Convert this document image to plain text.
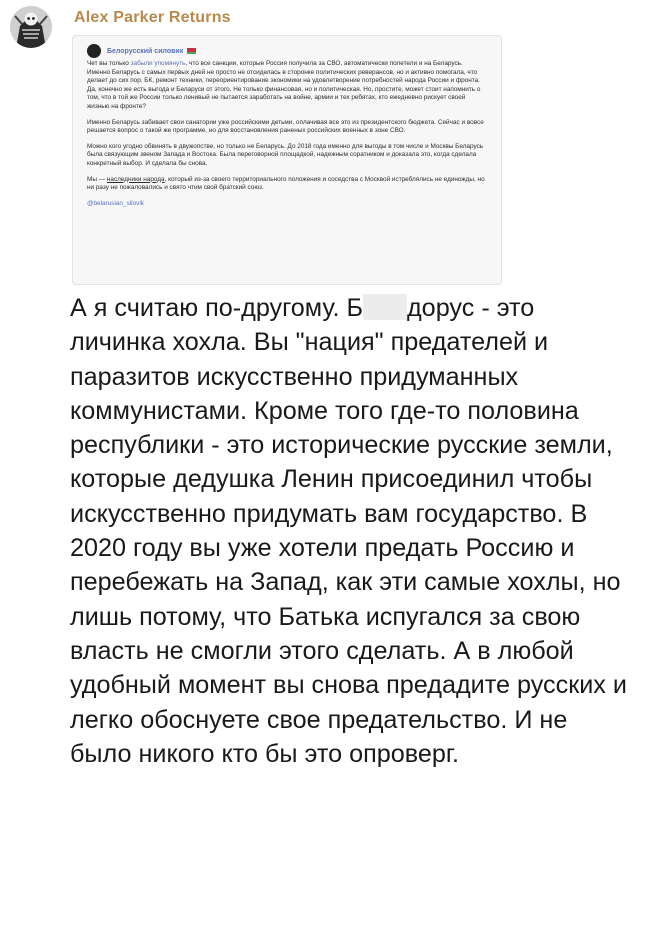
Alex Parker Returns
Белорусский силовик

Чет вы только забыли упомянуть, что все санкции, которые Россия получила за СВО, автоматически полетели и на Беларусь. Именно Беларусь с самых первых дней не просто не отсиделась в сторонке политических реверансов, но и активно помогала, что делает до сих пор. БК, ремонт техники, переориентирование экономики на удовлетворение потребностей народа России и фронта. Да, конечно же есть выгода и Беларуси от этого. Не только финансовая, но и политическая. Но, простите, может стоит напомнить о том, что в той же России только ленивый не пытается заработать на войне, армии и тех ребятах, кто ежедневно рискует своей жизнью на фронте?

Именно Беларусь забивает свои санатории уже российскими детьми, оплачивая все это из президентского бюджета. Сейчас и вовсе решается вопрос о такой же программе, но для восстановления раненых российских военных в зоне СВО.

Можно кого угодно обвинять в двужопстве, но только не Беларусь. До 2018 года именно для выгоды в том числе и Москвы Беларусь была связующим звеном Запада и Востока. Была переговорной площадкой, надежным соратником и доказала это, когда сделала конкретный выбор. И сделала бы снова.

Мы — наследники народа, который из-за своего территориального положения и соседства с Москвой истреблялись не единожды, но ни разу не пожаловались и свято чтим свой братский союз.

@belarusian_silovik

А я считаю по-другому. Б дорус - это личинка хохла. Вы "нация" предателей и паразитов искусственно придуманных коммунистами. Кроме того где-то половина республики - это исторические русские земли, которые дедушка Ленин присоединил чтобы искусственно придумать вам государство. В 2020 году вы уже хотели предать Россию и перебежать на Запад, как эти самые хохлы, но лишь потому, что Батька испугался за свою власть не смогли этого сделать. А в любой удобный момент вы снова предадите русских и легко обоснуете свое предательство. И не было никого кто бы это опроверг.
